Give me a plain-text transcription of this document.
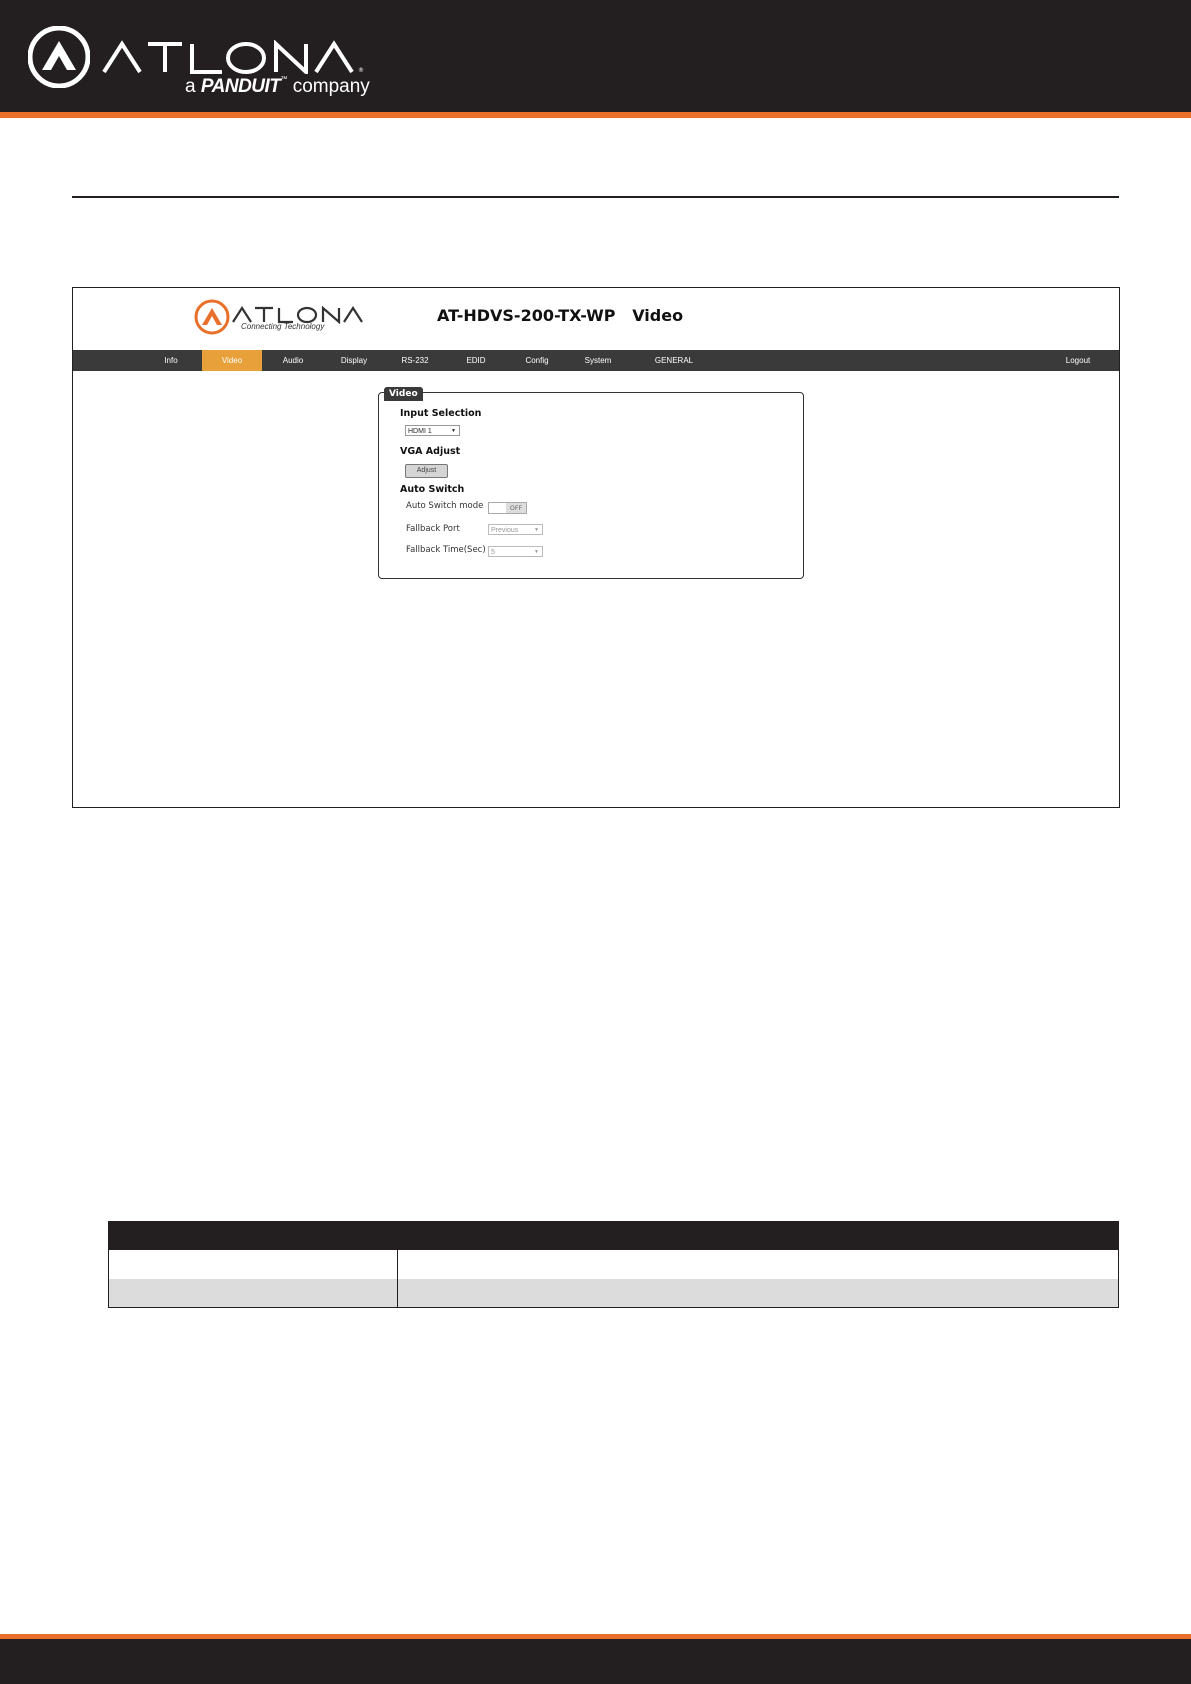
®
a PANDUIT™ company
Connecting Technology
AT-HDVS-200-TX-WP   Video
Info	Video	Audio	Display	RS-232	EDID	Config	System	GENERAL	Logout
Video
Input Selection
HDMI 1	▼
VGA Adjust
Adjust
Auto Switch
Auto Switch mode	OFF
Fallback Port	Previous	▼
Fallback Time(Sec) 5	▼
